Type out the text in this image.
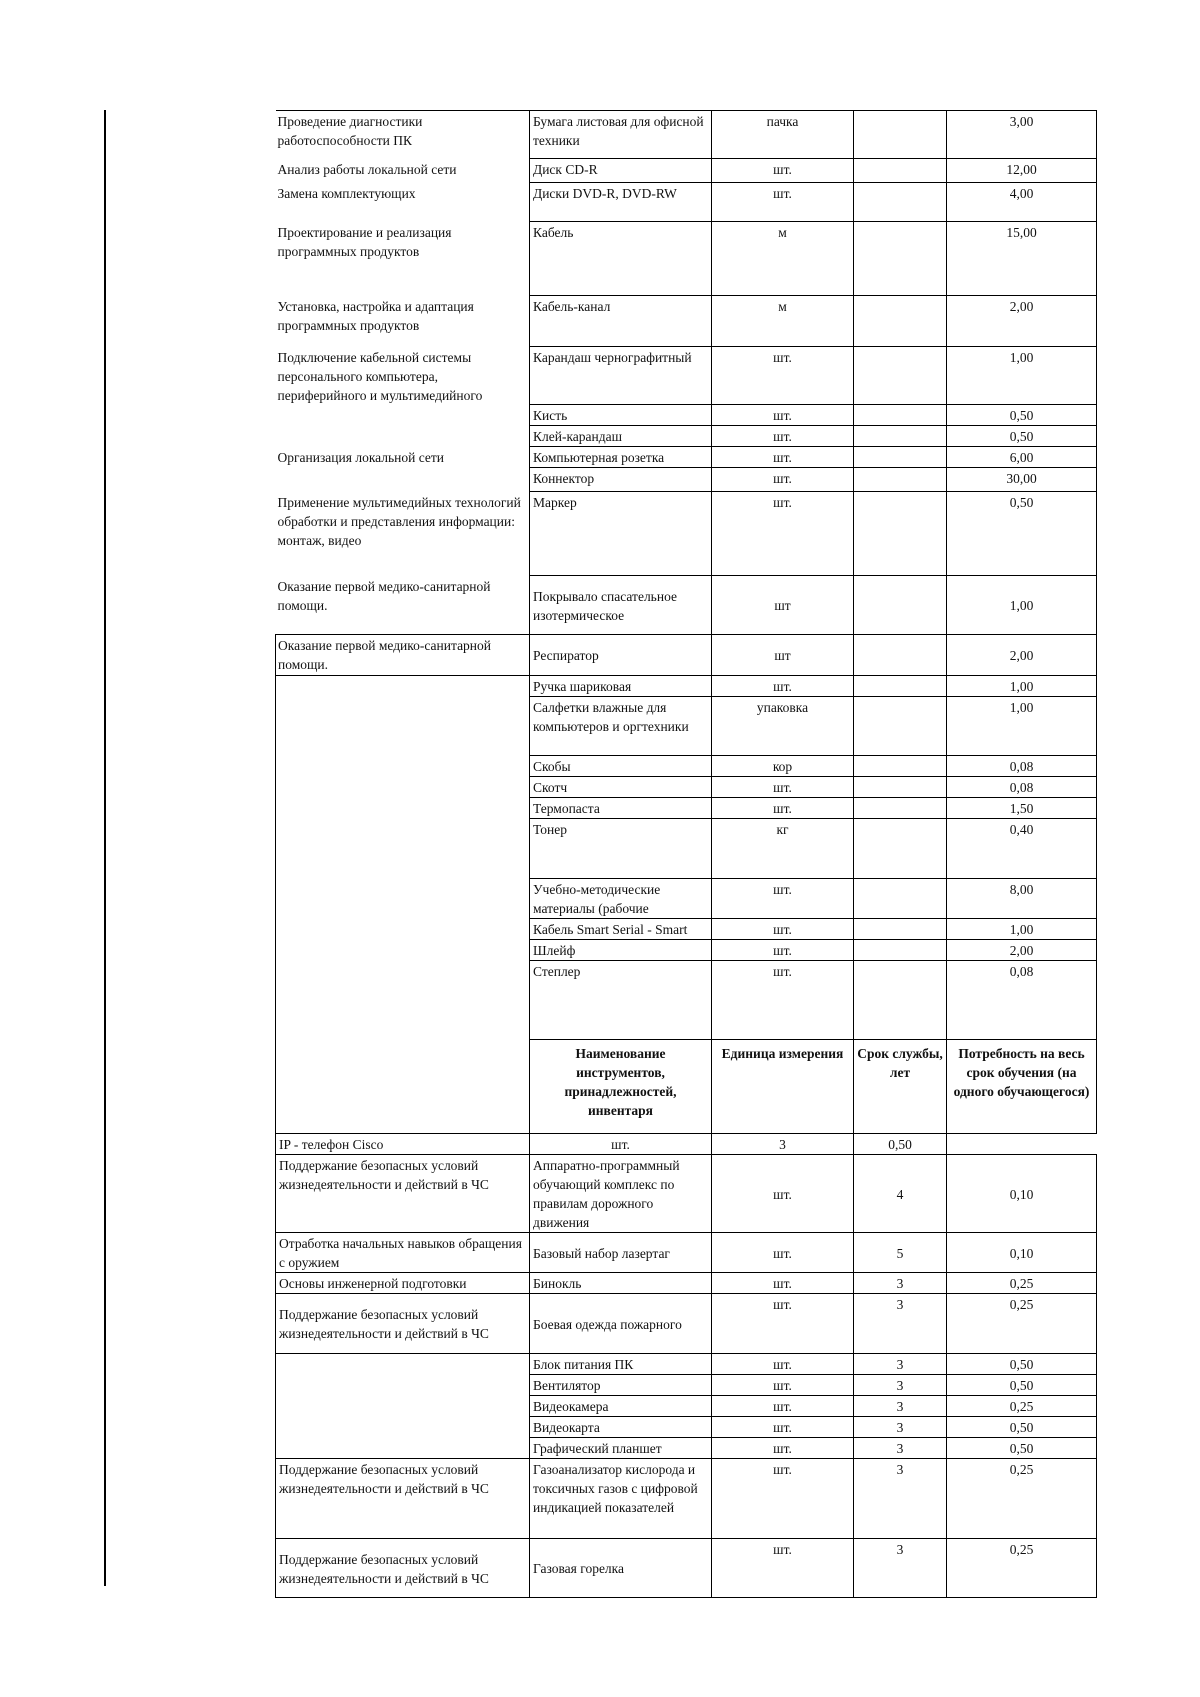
Проведение диагностики работоспособности ПК	Бумага листовая для офисной техники	пачка		3,00
Анализ работы локальной сети	Диск CD-R	шт.		12,00
Замена комплектующих	Диски DVD-R, DVD-RW	шт.		4,00
Проектирование и реализация программных продуктов	Кабель	м		15,00
Установка, настройка и адаптация программных продуктов	Кабель-канал	м		2,00
Подключение кабельной системы персонального компьютера, периферийного и мультимедийного	Карандаш чернографитный	шт.		1,00
	Кисть	шт.		0,50
	Клей-карандаш	шт.		0,50
Организация локальной сети	Компьютерная розетка	шт.		6,00
	Коннектор	шт.		30,00
Применение мультимедийных технологий обработки и представления информации: монтаж, видео	Маркер	шт.		0,50
Оказание первой медико-санитарной помощи.	Покрывало спасательное изотермическое	шт		1,00
Оказание первой медико-санитарной помощи.	Респиратор	шт		2,00
	Ручка шариковая	шт.		1,00
	Салфетки влажные для компьютеров и оргтехники	упаковка		1,00
	Скобы	кор		0,08
	Скотч	шт.		0,08
	Термопаста	шт.		1,50
	Тонер	кг		0,40
	Учебно-методические материалы (рабочие	шт.		8,00
	Кабель Smart Serial - Smart	шт.		1,00
	Шлейф	шт.		2,00
	Степлер	шт.		0,08
	Наименование инструментов, принадлежностей, инвентаря	Единица измерения	Срок службы, лет	Потребность на весь срок обучения (на одного обучающегося)
IP - телефон Cisco	шт.	3	0,50	
Поддержание безопасных условий жизнедеятельности и действий в ЧС	Аппаратно-программный обучающий комплекс по правилам дорожного движения	шт.	4	0,10
Отработка начальных навыков обращения с оружием	Базовый набор лазертаг	шт.	5	0,10
Основы инженерной подготовки	Бинокль	шт.	3	0,25
Поддержание безопасных условий жизнедеятельности и действий в ЧС	Боевая одежда пожарного	шт.	3	0,25
	Блок питания ПК	шт.	3	0,50
	Вентилятор	шт.	3	0,50
	Видеокамера	шт.	3	0,25
	Видеокарта	шт.	3	0,50
	Графический планшет	шт.	3	0,50
Поддержание безопасных условий жизнедеятельности и действий в ЧС	Газоанализатор кислорода и токсичных газов с цифровой индикацией показателей	шт.	3	0,25
Поддержание безопасных условий жизнедеятельности и действий в ЧС	Газовая горелка	шт.	3	0,25
